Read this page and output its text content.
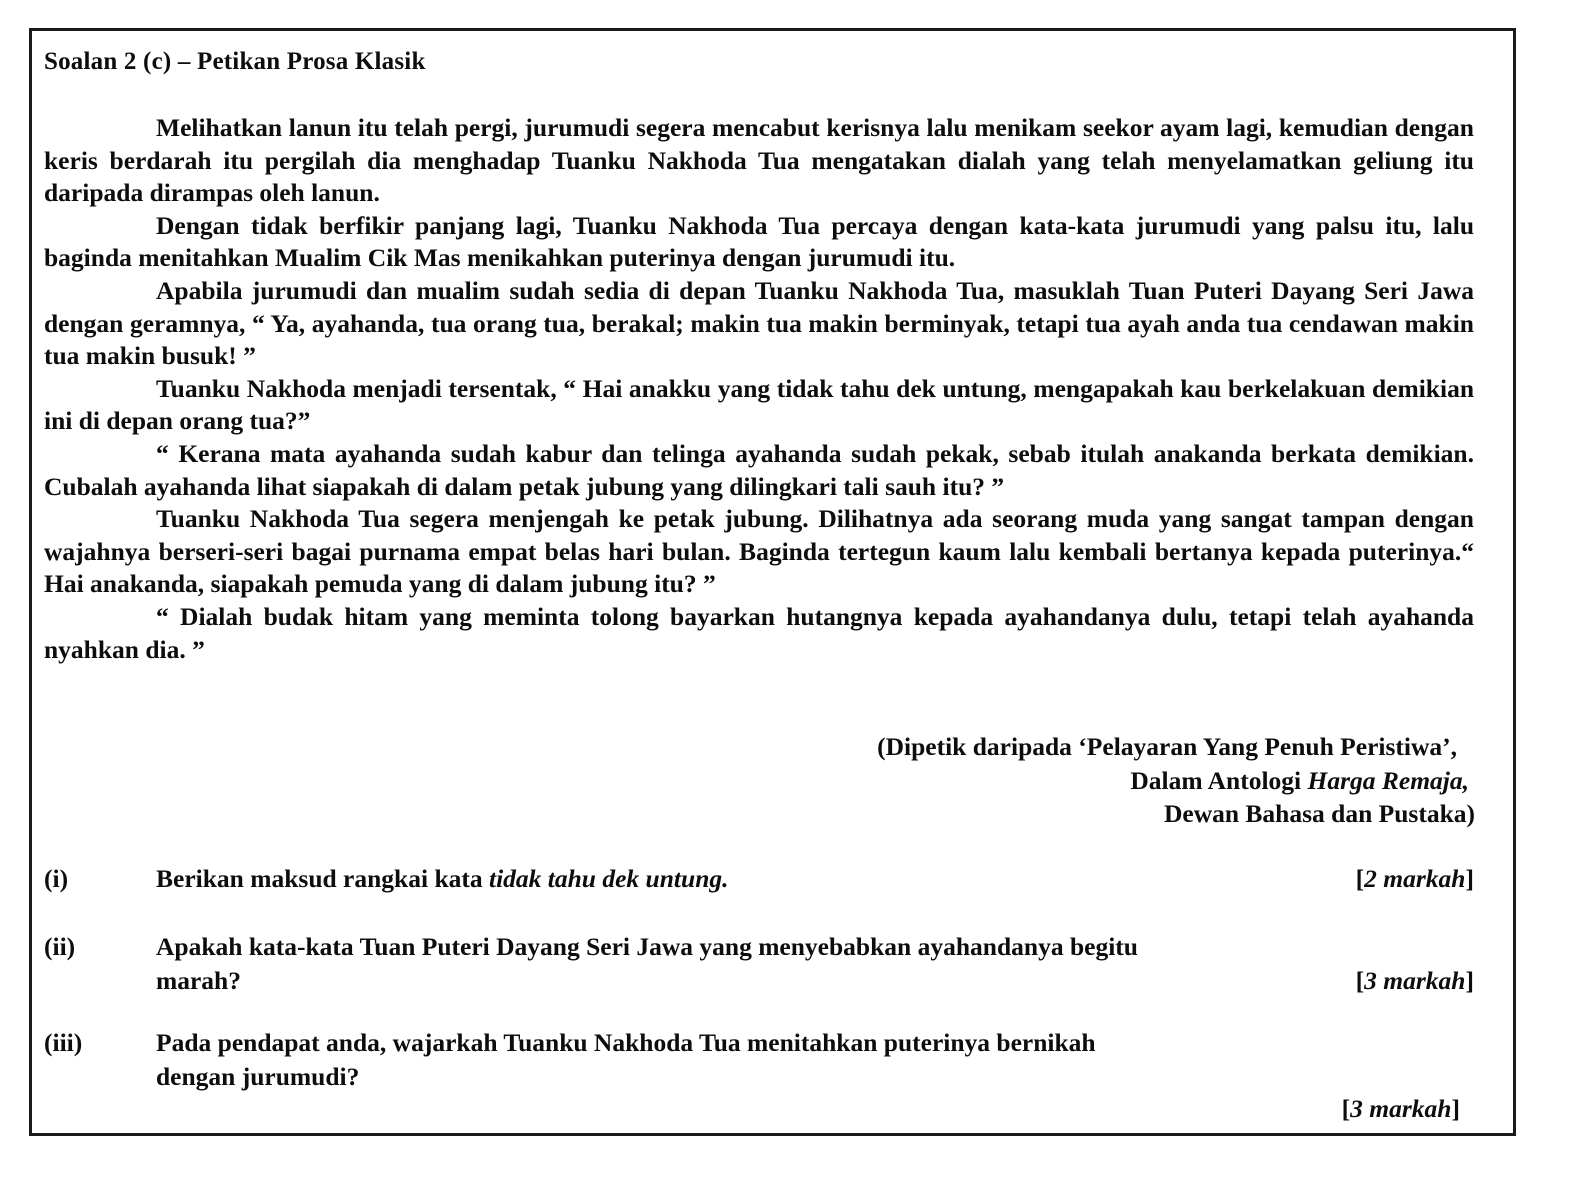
Soalan 2 (c) – Petikan Prosa Klasik

Melihatkan lanun itu telah pergi, jurumudi segera mencabut kerisnya lalu menikam seekor ayam lagi, kemudian dengan keris berdarah itu pergilah dia menghadap Tuanku Nakhoda Tua mengatakan dialah yang telah menyelamatkan geliung itu daripada dirampas oleh lanun.

Dengan tidak berfikir panjang lagi, Tuanku Nakhoda Tua percaya dengan kata-kata jurumudi yang palsu itu, lalu baginda menitahkan Mualim Cik Mas menikahkan puterinya dengan jurumudi itu.

Apabila jurumudi dan mualim sudah sedia di depan Tuanku Nakhoda Tua, masuklah Tuan Puteri Dayang Seri Jawa dengan geramnya, “ Ya, ayahanda, tua orang tua, berakal; makin tua makin berminyak, tetapi tua ayah anda tua cendawan makin tua makin busuk! ”

Tuanku Nakhoda menjadi tersentak, “ Hai anakku yang tidak tahu dek untung, mengapakah kau berkelakuan demikian ini di depan orang tua?”

“ Kerana mata ayahanda sudah kabur dan telinga ayahanda sudah pekak, sebab itulah anakanda berkata demikian. Cubalah ayahanda lihat siapakah di dalam petak jubung yang dilingkari tali sauh itu? ”

Tuanku Nakhoda Tua segera menjengah ke petak jubung. Dilihatnya ada seorang muda yang sangat tampan dengan wajahnya berseri-seri bagai purnama empat belas hari bulan. Baginda tertegun kaum lalu kembali bertanya kepada puterinya.“ Hai anakanda, siapakah pemuda yang di dalam jubung itu? ”

“ Dialah budak hitam yang meminta tolong bayarkan hutangnya kepada ayahandanya dulu, tetapi telah ayahanda nyahkan dia. ”

(Dipetik daripada ‘Pelayaran Yang Penuh Peristiwa’,
Dalam Antologi Harga Remaja,
Dewan Bahasa dan Pustaka)
(i)	Berikan maksud rangkai kata tidak tahu dek untung.	[2 markah]
(ii)	Apakah kata-kata Tuan Puteri Dayang Seri Jawa yang menyebabkan ayahandanya begitu
marah?	[3 markah]
(iii)	Pada pendapat anda, wajarkah Tuanku Nakhoda Tua menitahkan puterinya bernikah
dengan jurumudi?
[3 markah]
